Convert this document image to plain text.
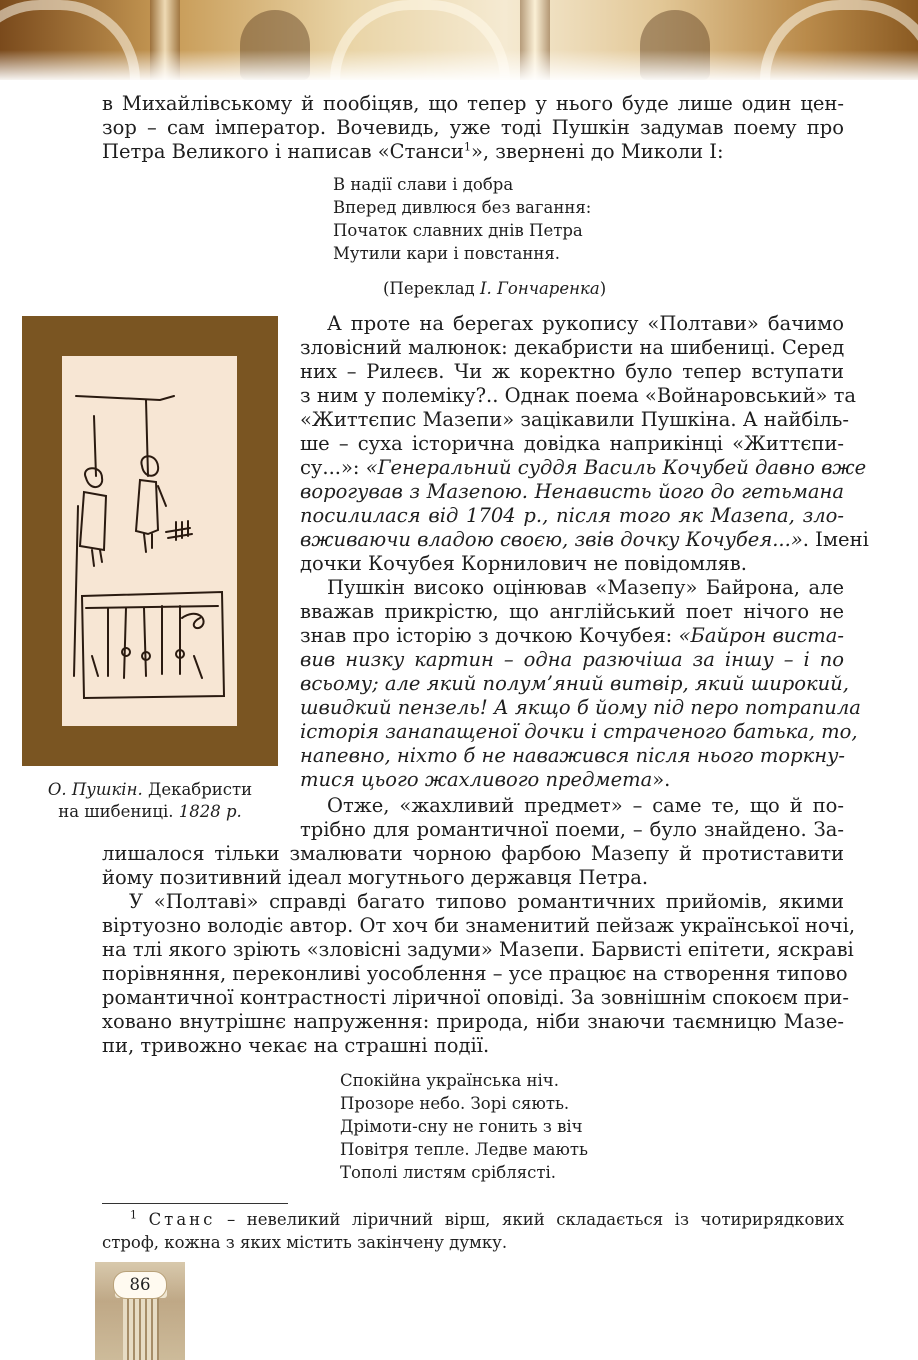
в Михайлівському й пообіцяв, що тепер у нього буде лише один цен-
зор – сам імператор. Вочевидь, уже тоді Пушкін задумав поему про
Петра Великого і написав «Станси$^1$», звернені до Миколи І:
В надії слави і добра
Вперед дивлюся без вагання:
Початок славних днів Петра
Мутили кари і повстання.
(Переклад І. Гончаренка)
О. Пушкін. Декабристи
на шибениці. 1828 р.
А проте на берегах рукопису «Полтави» бачимо
зловісний малюнок: декабристи на шибениці. Серед
них – Рилеєв. Чи ж коректно було тепер вступати
з ним у полеміку?.. Однак поема «Войнаровський» та
«Життєпис Мазепи» зацікавили Пушкіна. А найбіль-
ше – суха історична довідка наприкінці «Життєпи-
су...»: «Генеральний суддя Василь Кочубей давно вже
ворогував з Мазепою. Ненависть його до гетьмана
посилилася від 1704 р., після того як Мазепа, зло-
вживаючи владою своєю, звів дочку Кочубея...». Імені
дочки Кочубея Корнилович не повідомляв.
Пушкін високо оцінював «Мазепу» Байрона, але
вважав прикрістю, що англійський поет нічого не
знав про історію з дочкою Кочубея: «Байрон вистa-
вив низку картин – одна разючіша за іншу – і по
всьому; але який полум’яний витвір, який широкий,
швидкий пензель! А якщо б йому під перо потрапила
історія занапащеної дочки і страченого батька, то,
напевно, ніхто б не наважився після нього торкну-
тися цього жахливого предмета».
Отже, «жахливий предмет» – саме те, що й по-
трібно для романтичної поеми, – було знайдено. За-
лишалося тільки змалювати чорною фарбою Мазепу й протиставити
йому позитивний ідеал могутнього державця Петра.
У «Полтаві» справді багато типово романтичних прийомів, якими
віртуозно володіє автор. От хоч би знаменитий пейзаж української ночі,
на тлі якого зріють «зловісні задуми» Мазепи. Барвисті епітети, яскраві
порівняння, переконливі уособлення – усе працює на створення типово
романтичної контрастності ліричної оповіді. За зовнішнім спокоєм при-
ховано внутрішнє напруження: природа, ніби знаючи таємницю Мазе-
пи, тривожно чекає на страшні події.
Спокійна українська ніч.
Прозоре небо. Зорі сяють.
Дрімоти-сну не гонить з віч
Повітря тепле. Ледве мають
Тополі листям сріблясті.
$^1$ Станс – невеликий ліричний вірш, який складається із чотирирядкових
строф, кожна з яких містить закінчену думку.
86
